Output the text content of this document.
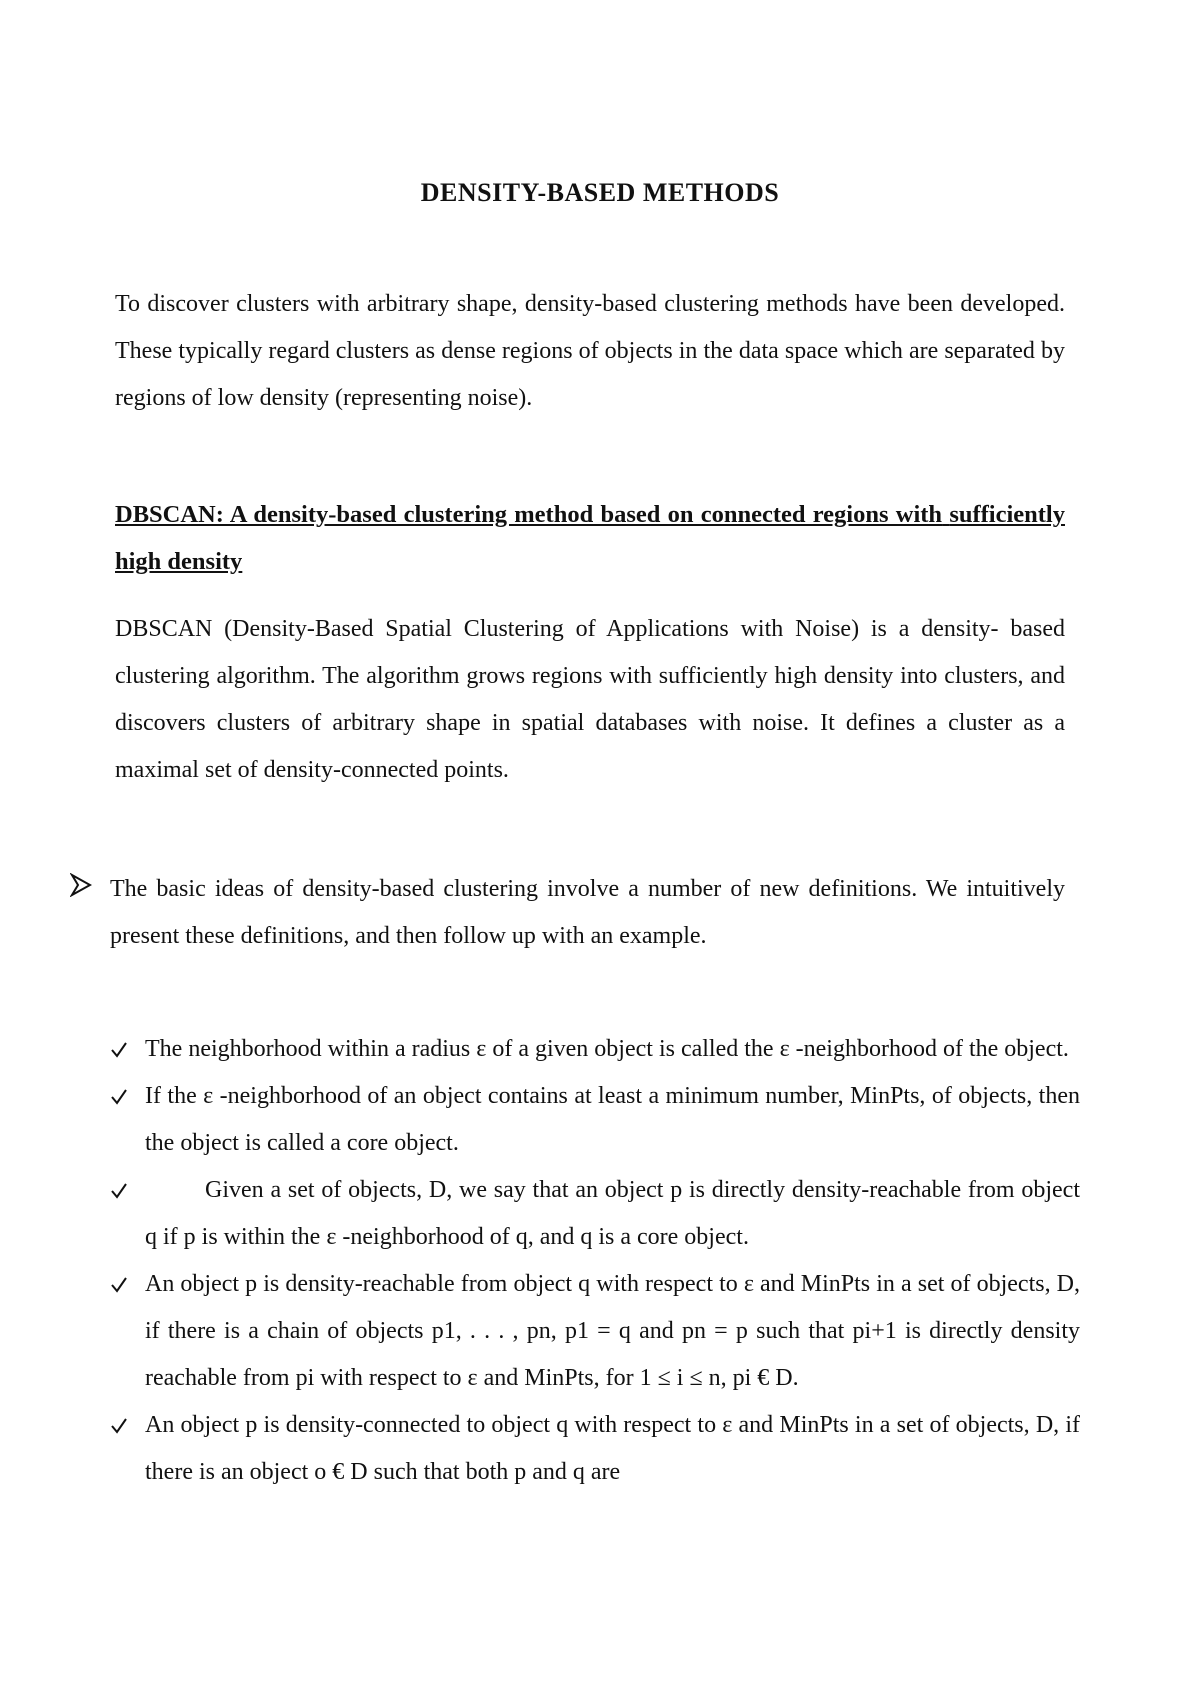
DENSITY-BASED METHODS
To discover clusters with arbitrary shape, density-based clustering methods have been developed. These typically regard clusters as dense regions of objects in the data space which are separated by regions of low density (representing noise).
DBSCAN: A density-based clustering method based on connected regions with sufficiently high density
DBSCAN (Density-Based Spatial Clustering of Applications with Noise) is a density- based clustering algorithm. The algorithm grows regions with sufficiently high density into clusters, and discovers clusters of arbitrary shape in spatial databases with noise. It defines a cluster as a maximal set of density-connected points.
The basic ideas of density-based clustering involve a number of new definitions. We intuitively present these definitions, and then follow up with an example.
The neighborhood within a radius ε of a given object is called the ε -neighborhood of the object.
If the ε -neighborhood of an object contains at least a minimum number, MinPts, of objects, then the object is called a core object.
Given a set of objects, D, we say that an object p is directly density-reachable from object q if p is within the ε -neighborhood of q, and q is a core object.
An object p is density-reachable from object q with respect to ε and MinPts in a set of objects, D, if there is a chain of objects p1, . . . , pn, p1 = q and pn = p such that pi+1 is directly density reachable from pi with respect to ε and MinPts, for 1 ≤ i ≤ n, pi € D.
An object p is density-connected to object q with respect to ε and MinPts in a set of objects, D, if there is an object o € D such that both p and q are
